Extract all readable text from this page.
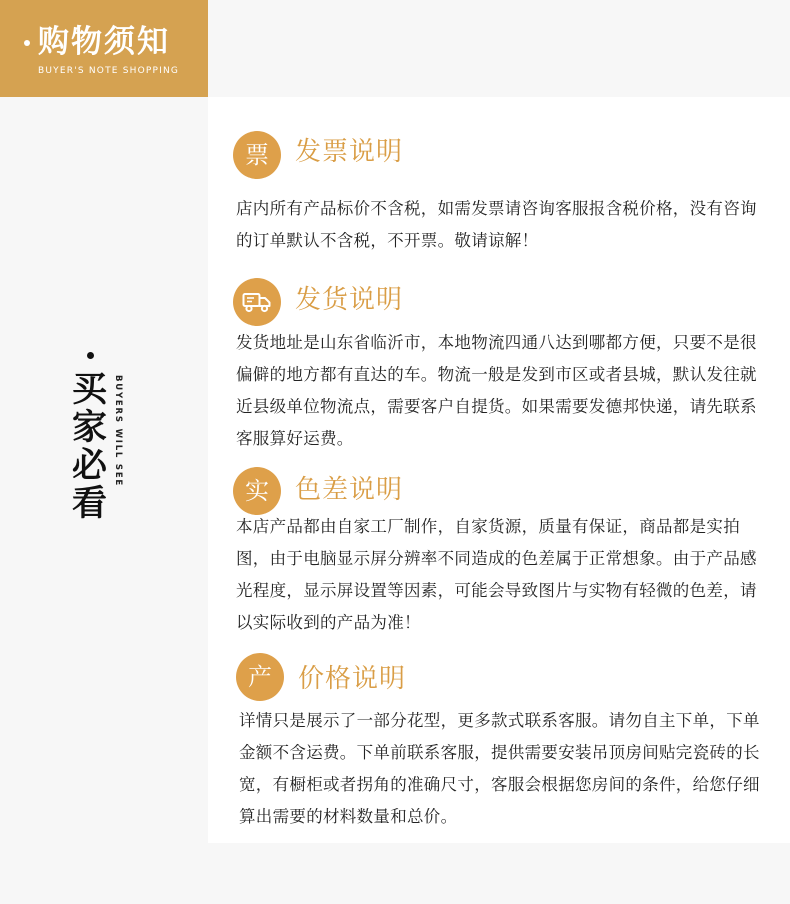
购物须知
BUYER'S NOTE SHOPPING
买家必看
BUYERS WILL SEE
票	发票说明

店内所有产品标价不含税，如需发票请咨询客服报含税价格，没有咨询的订单默认不含税，不开票。敬请谅解！

发货说明

发货地址是山东省临沂市，本地物流四通八达到哪都方便，只要不是很偏僻的地方都有直达的车。物流一般是发到市区或者县城，默认发往就近县级单位物流点，需要客户自提货。如果需要发德邦快递，请先联系客服算好运费。

实	色差说明

本店产品都由自家工厂制作，自家货源，质量有保证，商品都是实拍图，由于电脑显示屏分辨率不同造成的色差属于正常想象。由于产品感光程度，显示屏设置等因素，可能会导致图片与实物有轻微的色差，请以实际收到的产品为准！

产	价格说明

详情只是展示了一部分花型，更多款式联系客服。请勿自主下单，下单金额不含运费。下单前联系客服，提供需要安装吊顶房间贴完瓷砖的长宽，有橱柜或者拐角的准确尺寸，客服会根据您房间的条件，给您仔细算出需要的材料数量和总价。
